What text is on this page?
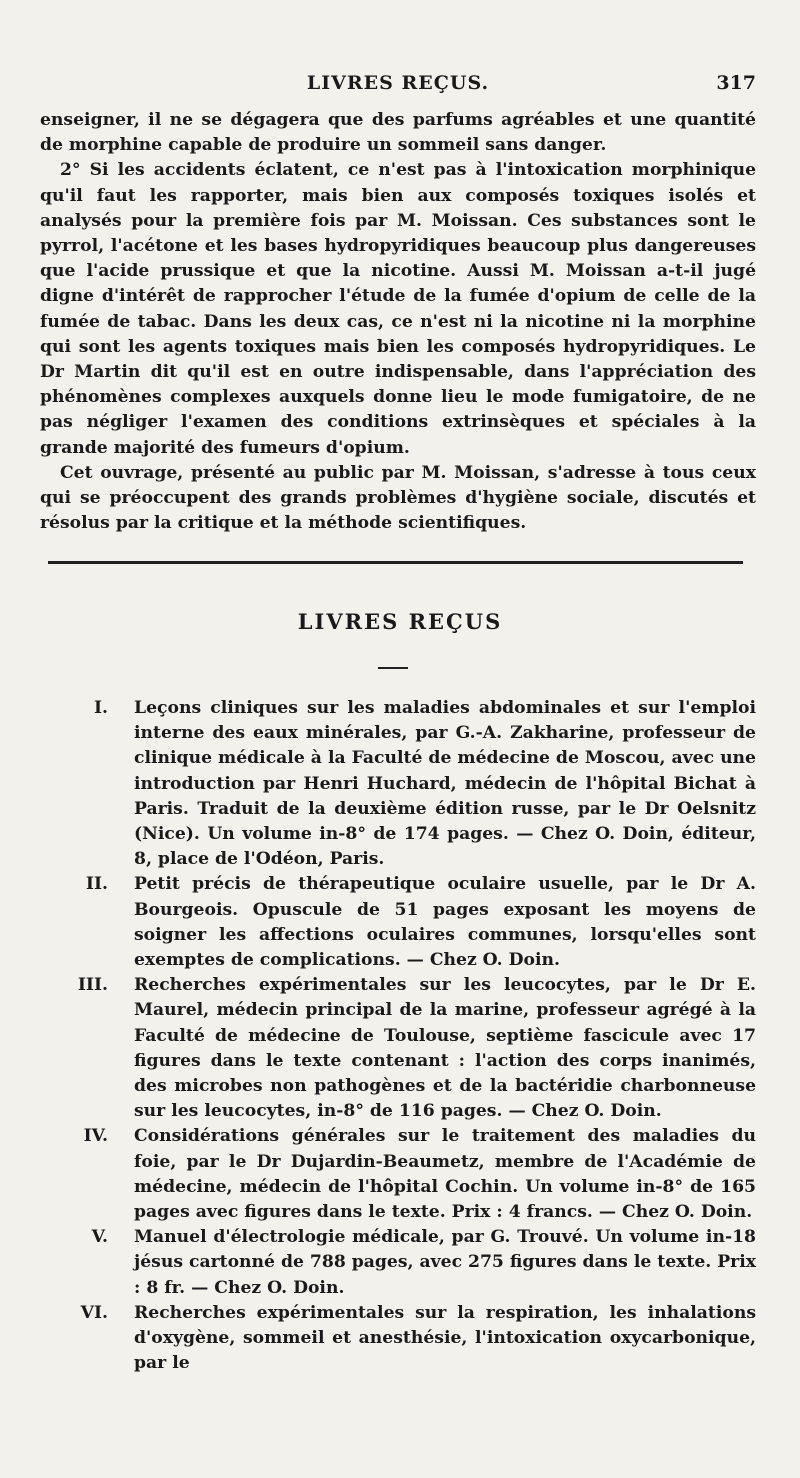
LIVRES REÇUS.	317

enseigner, il ne se dégagera que des parfums agréables et une quantité de morphine capable de produire un sommeil sans danger.

2° Si les accidents éclatent, ce n'est pas à l'intoxication morphinique qu'il faut les rapporter, mais bien aux composés toxiques isolés et analysés pour la première fois par M. Moissan. Ces substances sont le pyrrol, l'acétone et les bases hydropyridiques beaucoup plus dangereuses que l'acide prussique et que la nicotine. Aussi M. Moissan a-t-il jugé digne d'intérêt de rapprocher l'étude de la fumée d'opium de celle de la fumée de tabac. Dans les deux cas, ce n'est ni la nicotine ni la morphine qui sont les agents toxiques mais bien les composés hydropyridiques. Le Dr Martin dit qu'il est en outre indispensable, dans l'appréciation des phénomènes complexes auxquels donne lieu le mode fumigatoire, de ne pas négliger l'examen des conditions extrinsèques et spéciales à la grande majorité des fumeurs d'opium.

Cet ouvrage, présenté au public par M. Moissan, s'adresse à tous ceux qui se préoccupent des grands problèmes d'hygiène sociale, discutés et résolus par la critique et la méthode scientifiques.

LIVRES REÇUS
I. Leçons cliniques sur les maladies abdominales et sur l'emploi interne des eaux minérales, par G.-A. Zakharine, professeur de clinique médicale à la Faculté de médecine de Moscou, avec une introduction par Henri Huchard, médecin de l'hôpital Bichat à Paris. Traduit de la deuxième édition russe, par le Dr Oelsnitz (Nice). Un volume in-8° de 174 pages. — Chez O. Doin, éditeur, 8, place de l'Odéon, Paris.
II. Petit précis de thérapeutique oculaire usuelle, par le Dr A. Bourgeois. Opuscule de 51 pages exposant les moyens de soigner les affections oculaires communes, lorsqu'elles sont exemptes de complications. — Chez O. Doin.
III. Recherches expérimentales sur les leucocytes, par le Dr E. Maurel, médecin principal de la marine, professeur agrégé à la Faculté de médecine de Toulouse, septième fascicule avec 17 figures dans le texte contenant : l'action des corps inanimés, des microbes non pathogènes et de la bactéridie charbonneuse sur les leucocytes, in-8° de 116 pages. — Chez O. Doin.
IV. Considérations générales sur le traitement des maladies du foie, par le Dr Dujardin-Beaumetz, membre de l'Académie de médecine, médecin de l'hôpital Cochin. Un volume in-8° de 165 pages avec figures dans le texte. Prix : 4 francs. — Chez O. Doin.
V. Manuel d'électrologie médicale, par G. Trouvé. Un volume in-18 jésus cartonné de 788 pages, avec 275 figures dans le texte. Prix : 8 fr. — Chez O. Doin.
VI. Recherches expérimentales sur la respiration, les inhalations d'oxygène, sommeil et anesthésie, l'intoxication oxycarbonique, par le
